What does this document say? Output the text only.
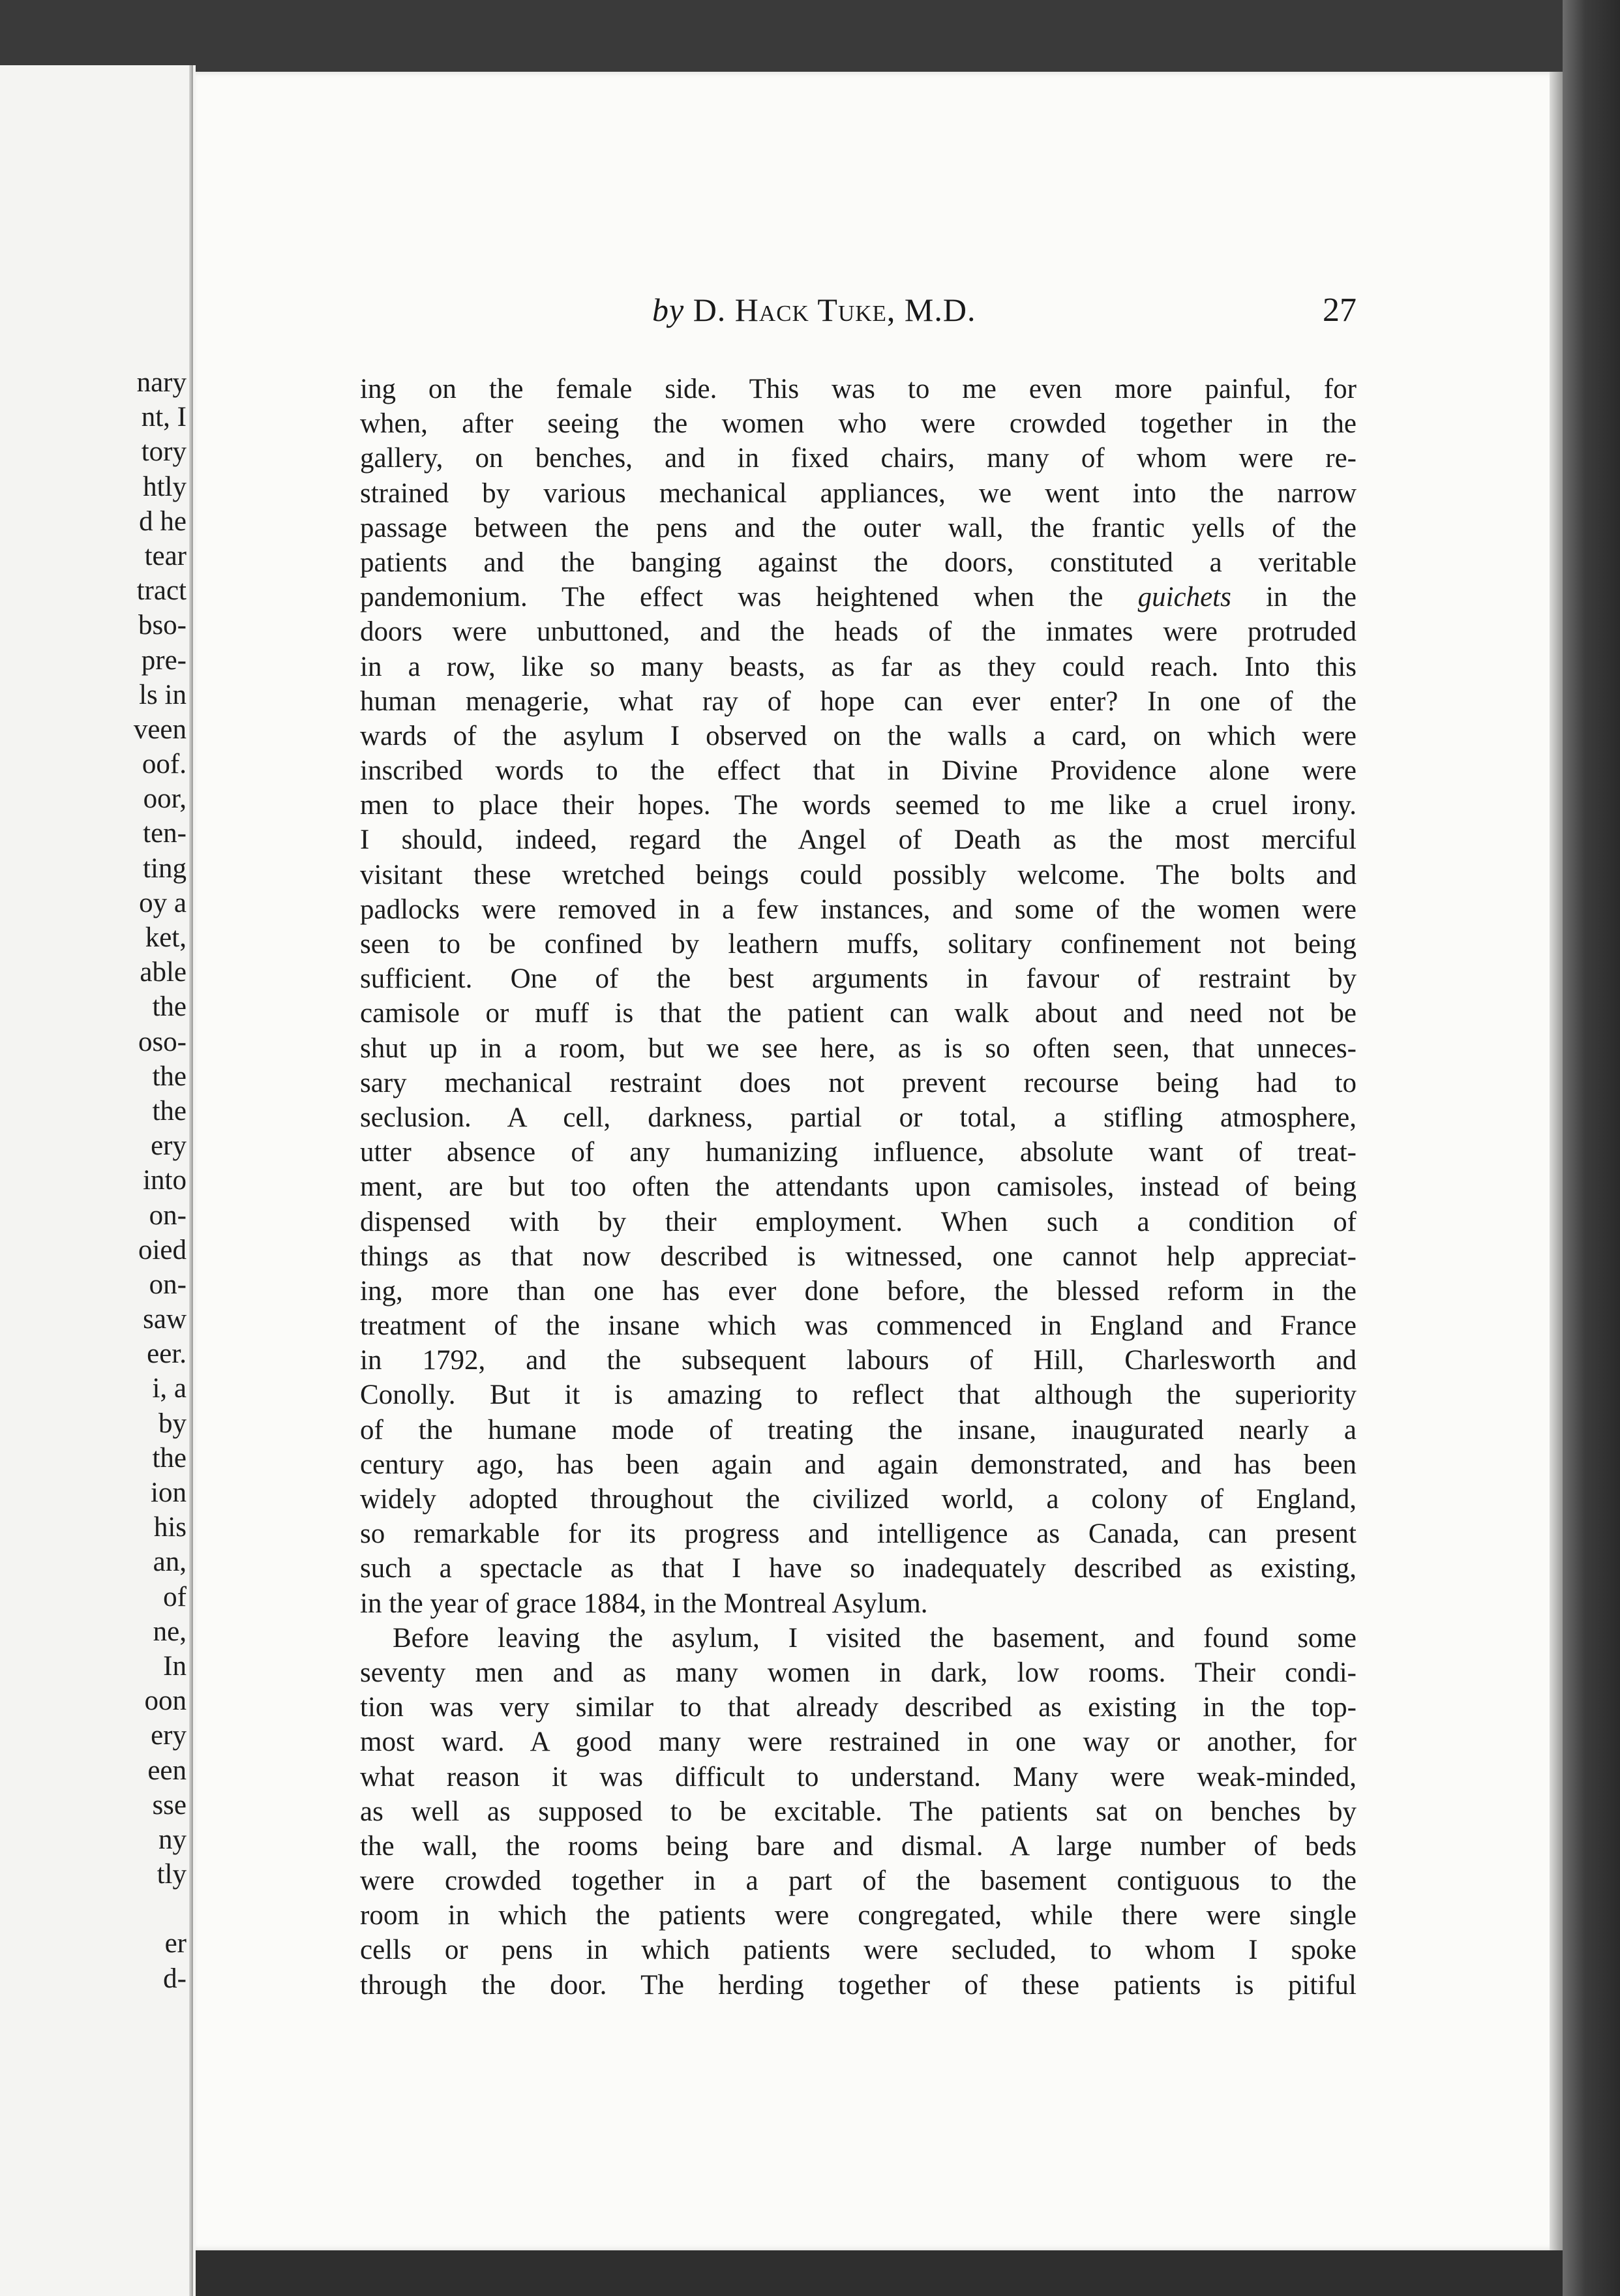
nary
nt, I
tory
htly
d he
tear
tract
bso-
pre-
ls in
veen
oof.
oor,
ten-
ting
oy a
ket,
able
the
oso-
the
the
ery
into
on-
oied
on-
saw
eer.
i, a
by
the
ion
his
an,
of
ne,
In
oon
ery
een
sse
ny
tly
er
d-
by D. Hack Tuke, M.D.	27
ing on the female side. This was to me even more painful, for
when, after seeing the women who were crowded together in the
gallery, on benches, and in fixed chairs, many of whom were re-
strained by various mechanical appliances, we went into the narrow
passage between the pens and the outer wall, the frantic yells of the
patients and the banging against the doors, constituted a veritable
pandemonium. The effect was heightened when the guichets in the
doors were unbuttoned, and the heads of the inmates were protruded
in a row, like so many beasts, as far as they could reach. Into this
human menagerie, what ray of hope can ever enter? In one of the
wards of the asylum I observed on the walls a card, on which were
inscribed words to the effect that in Divine Providence alone were
men to place their hopes. The words seemed to me like a cruel irony.
I should, indeed, regard the Angel of Death as the most merciful
visitant these wretched beings could possibly welcome. The bolts and
padlocks were removed in a few instances, and some of the women were
seen to be confined by leathern muffs, solitary confinement not being
sufficient. One of the best arguments in favour of restraint by
camisole or muff is that the patient can walk about and need not be
shut up in a room, but we see here, as is so often seen, that unneces-
sary mechanical restraint does not prevent recourse being had to
seclusion. A cell, darkness, partial or total, a stifling atmosphere,
utter absence of any humanizing influence, absolute want of treat-
ment, are but too often the attendants upon camisoles, instead of being
dispensed with by their employment. When such a condition of
things as that now described is witnessed, one cannot help appreciat-
ing, more than one has ever done before, the blessed reform in the
treatment of the insane which was commenced in England and France
in 1792, and the subsequent labours of Hill, Charlesworth and
Conolly. But it is amazing to reflect that although the superiority
of the humane mode of treating the insane, inaugurated nearly a
century ago, has been again and again demonstrated, and has been
widely adopted throughout the civilized world, a colony of England,
so remarkable for its progress and intelligence as Canada, can present
such a spectacle as that I have so inadequately described as existing,
in the year of grace 1884, in the Montreal Asylum.
Before leaving the asylum, I visited the basement, and found some
seventy men and as many women in dark, low rooms. Their condi-
tion was very similar to that already described as existing in the top-
most ward. A good many were restrained in one way or another, for
what reason it was difficult to understand. Many were weak-minded,
as well as supposed to be excitable. The patients sat on benches by
the wall, the rooms being bare and dismal. A large number of beds
were crowded together in a part of the basement contiguous to the
room in which the patients were congregated, while there were single
cells or pens in which patients were secluded, to whom I spoke
through the door. The herding together of these patients is pitiful
